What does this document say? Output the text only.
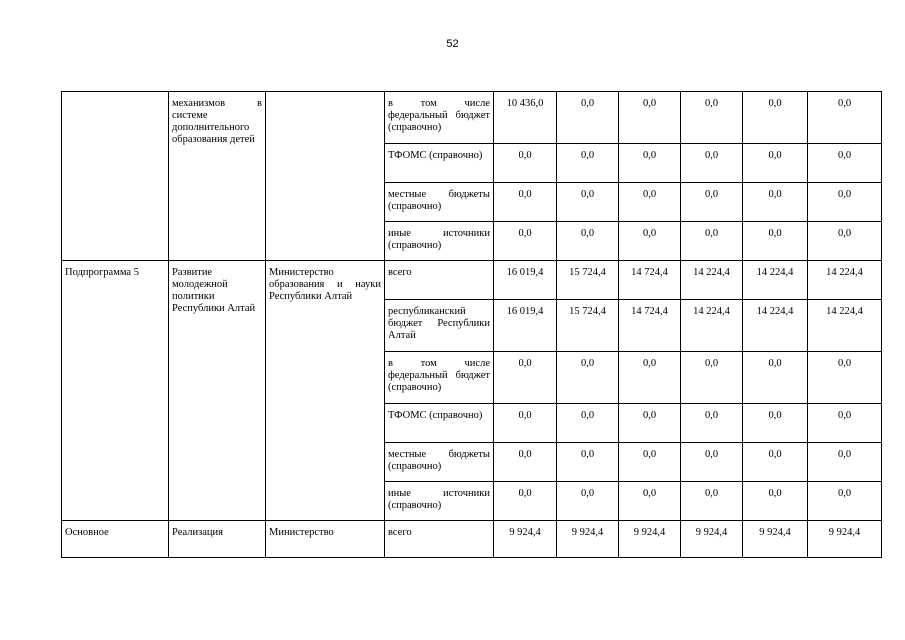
52
	механизмов в системе дополнительного образования детей		в том числе федеральный бюджет (справочно)	10 436,0	0,0	0,0	0,0	0,0	0,0
			ТФОМС (справочно)	0,0	0,0	0,0	0,0	0,0	0,0
			местные бюджеты (справочно)	0,0	0,0	0,0	0,0	0,0	0,0
			иные источники (справочно)	0,0	0,0	0,0	0,0	0,0	0,0
Подпрограмма 5	Развитие молодежной политики Республики Алтай	Министерство образования и науки Республики Алтай	всего	16 019,4	15 724,4	14 724,4	14 224,4	14 224,4	14 224,4
			республиканский бюджет Республики Алтай	16 019,4	15 724,4	14 724,4	14 224,4	14 224,4	14 224,4
			в том числе федеральный бюджет (справочно)	0,0	0,0	0,0	0,0	0,0	0,0
			ТФОМС (справочно)	0,0	0,0	0,0	0,0	0,0	0,0
			местные бюджеты (справочно)	0,0	0,0	0,0	0,0	0,0	0,0
			иные источники (справочно)	0,0	0,0	0,0	0,0	0,0	0,0
Основное	Реализация	Министерство	всего	9 924,4	9 924,4	9 924,4	9 924,4	9 924,4	9 924,4
